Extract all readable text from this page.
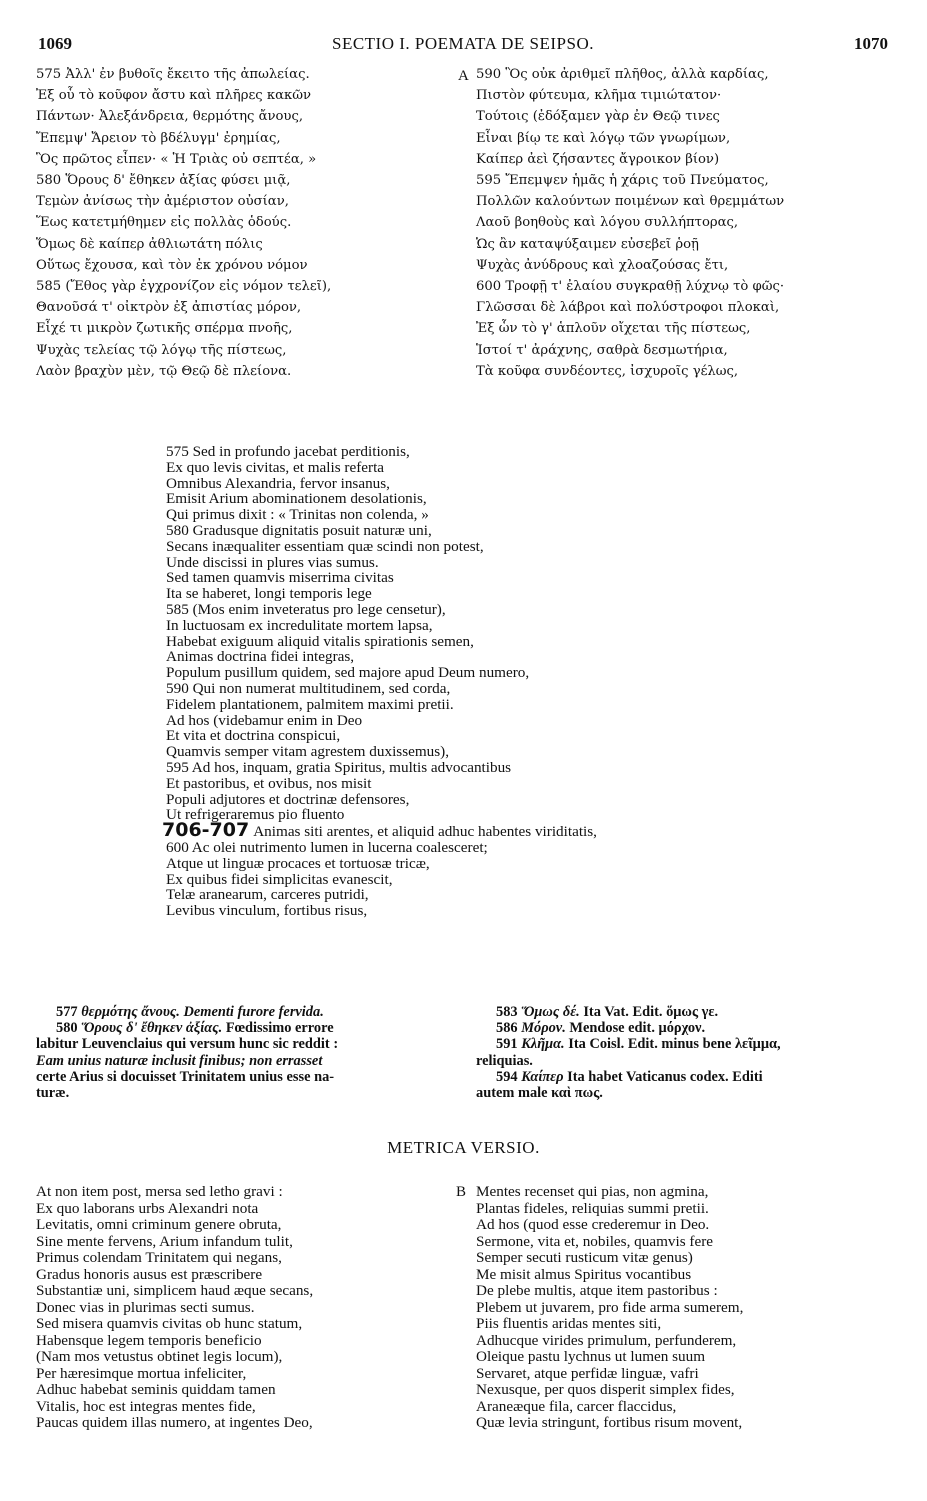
1069	SECTIO I. POEMATA DE SEIPSO.	1070
575 Ἀλλ' ἐν βυθοῖς ἔκειτο τῆς ἀπωλείας.
Ἐξ οὗ τὸ κοῦφον ἄστυ καὶ πλῆρες κακῶν
Πάντων· Ἀλεξάνδρεια, θερμότης ἄνους,
Ἔπεμψ' Ἄρειον τὸ βδέλυγμ' ἐρημίας,
Ὃς πρῶτος εἶπεν· « Ἡ Τριὰς οὐ σεπτέα, »
580 Ὅρους δ' ἔθηκεν ἀξίας φύσει μιᾷ,
Τεμὼν ἀνίσως τὴν ἀμέριστον οὐσίαν,
Ἕως κατετμήθημεν εἰς πολλὰς ὁδούς.
Ὅμως δὲ καίπερ ἀθλιωτάτη πόλις
Οὕτως ἔχουσα, καὶ τὸν ἐκ χρόνου νόμον
585 (Ἔθος γὰρ ἐγχρονίζον εἰς νόμον τελεῖ),
Θανοῦσά τ' οἰκτρὸν ἐξ ἀπιστίας μόρον,
Εἶχέ τι μικρὸν ζωτικῆς σπέρμα πνοῆς,
Ψυχὰς τελείας τῷ λόγῳ τῆς πίστεως,
Λαὸν βραχὺν μὲν, τῷ Θεῷ δὲ πλείονα.
A 590 Ὃς οὐκ ἀριθμεῖ πλῆθος, ἀλλὰ καρδίας,
Πιστὸν φύτευμα, κλῆμα τιμιώτατον·
Τούτοις (ἐδόξαμεν γὰρ ἐν Θεῷ τινες
Εἶναι βίῳ τε καὶ λόγῳ τῶν γνωρίμων,
Καίπερ ἀεὶ ζήσαντες ἄγροικον βίον)
595 Ἔπεμψεν ἡμᾶς ἡ χάρις τοῦ Πνεύματος,
Πολλῶν καλούντων ποιμένων καὶ θρεμμάτων
Λαοῦ βοηθοὺς καὶ λόγου συλλήπτορας,
Ὡς ἂν καταψύξαιμεν εὐσεβεῖ ῥοῇ
Ψυχὰς ἀνύδρους καὶ χλοαζούσας ἔτι,
600 Τροφῇ τ' ἐλαίου συγκραθῇ λύχνῳ τὸ φῶς·
Γλῶσσαι δὲ λάβροι καὶ πολύστροφοι πλοκαὶ,
Ἐξ ὧν τὸ γ' ἁπλοῦν οἴχεται τῆς πίστεως,
Ἱστοί τ' ἀράχνης, σαθρὰ δεσμωτήρια,
Τὰ κοῦφα συνδέοντες, ἰσχυροῖς γέλως,
575 Sed in profundo jacebat perditionis,
Ex quo levis civitas, et malis referta
Omnibus Alexandria, fervor insanus,
Emisit Arium abominationem desolationis,
Qui primus dixit : « Trinitas non colenda, »
580 Gradusque dignitatis posuit naturæ uni,
Secans inæqualiter essentiam quæ scindi non potest,
Unde discissi in plures vias sumus.
Sed tamen quamvis miserrima civitas
Ita se haberet, longi temporis lege
585 (Mos enim inveteratus pro lege censetur),
In luctuosam ex incredulitate mortem lapsa,
Habebat exiguum aliquid vitalis spirationis semen,
Animas doctrina fidei integras,
Populum pusillum quidem, sed majore apud Deum numero,
590 Qui non numerat multitudinem, sed corda,
Fidelem plantationem, palmitem maximi pretii.
Ad hos (videbamur enim in Deo
Et vita et doctrina conspicui,
Quamvis semper vitam agrestem duxissemus),
595 Ad hos, inquam, gratia Spiritus, multis advocantibus
Et pastoribus, et ovibus, nos misit
Populi adjutores et doctrinæ defensores,
Ut refrigeraremus pio fluento
706-707 Animas siti arentes, et aliquid adhuc habentes viriditatis,
600 Ac olei nutrimento lumen in lucerna coalesceret;
Atque ut linguæ procaces et tortuosæ tricæ,
Ex quibus fidei simplicitas evanescit,
Telæ aranearum, carceres putridi,
Levibus vinculum, fortibus risus,
577 θερμότης ἄνους. Dementi furore fervida.
580 Ὅρους δ' ἔθηκεν ἀξίας. Fœdissimo errore
labitur Leuvenclaius qui versum hunc sic reddit :
Eam unius naturæ inclusit finibus; non errasset
certe Arius si docuisset Trinitatem unius esse na-
turæ.
583 Ὅμως δέ. Ita Vat. Edit. ὅμως γε.
586 Μόρον. Mendose edit. μόρχον.
591 Κλῆμα. Ita Coisl. Edit. minus bene λεῖμμα,
reliquias.
594 Καίπερ Ita habet Vaticanus codex. Editi
autem male καὶ πως.
METRICA VERSIO.
At non item post, mersa sed letho gravi :
Ex quo laborans urbs Alexandri nota
Levitatis, omni criminum genere obruta,
Sine mente fervens, Arium infandum tulit,
Primus colendam Trinitatem qui negans,
Gradus honoris ausus est præscribere
Substantiæ uni, simplicem haud æque secans,
Donec vias in plurimas secti sumus.
Sed misera quamvis civitas ob hunc statum,
Habensque legem temporis beneficio
(Nam mos vetustus obtinet legis locum),
Per hæresimque mortua infeliciter,
Adhuc habebat seminis quiddam tamen
Vitalis, hoc est integras mentes fide,
Paucas quidem illas numero, at ingentes Deo,
B Mentes recenset qui pias, non agmina,
Plantas fideles, reliquias summi pretii.
Ad hos (quod esse crederemur in Deo.
Sermone, vita et, nobiles, quamvis fere
Semper secuti rusticum vitæ genus)
Me misit almus Spiritus vocantibus
De plebe multis, atque item pastoribus :
Plebem ut juvarem, pro fide arma sumerem,
Piis fluentis aridas mentes siti,
Adhucque virides primulum, perfunderem,
Oleique pastu lychnus ut lumen suum
Servaret, atque perfidæ linguæ, vafri
Nexusque, per quos disperit simplex fides,
Araneæque fila, carcer flaccidus,
Quæ levia stringunt, fortibus risum movent,
